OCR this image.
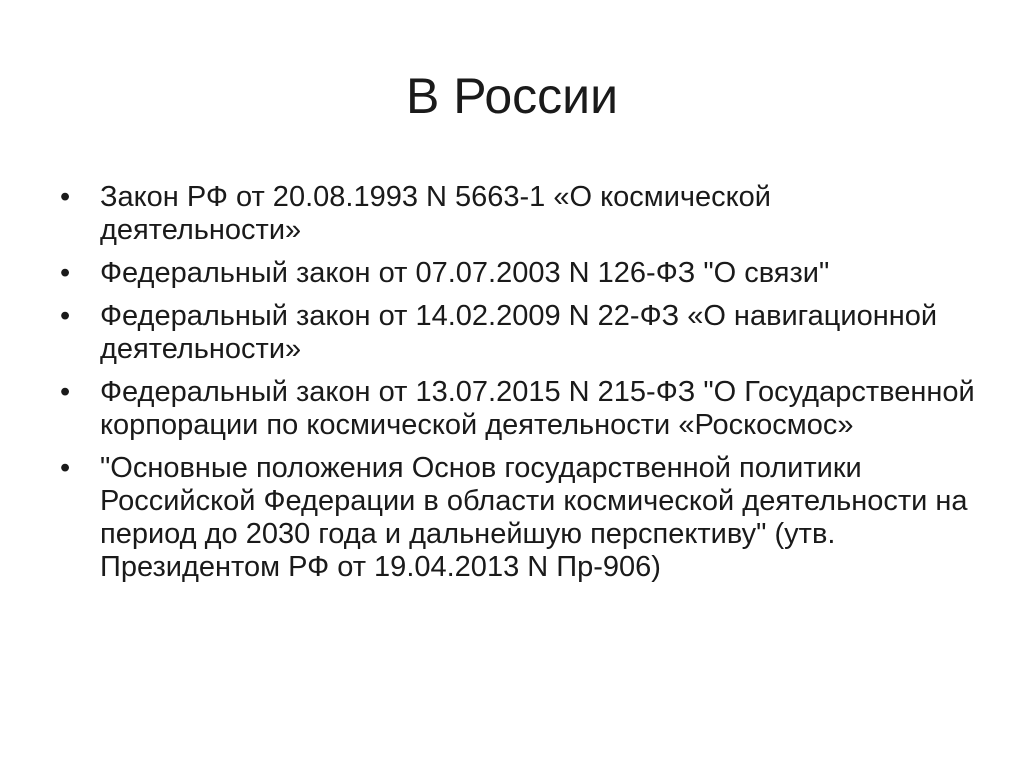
В России
• Закон РФ от 20.08.1993 N 5663-1 «О космической деятельности»
• Федеральный закон от 07.07.2003 N 126-ФЗ "О связи"
• Федеральный закон от 14.02.2009 N 22-ФЗ «О навигационной деятельности»
• Федеральный закон от 13.07.2015 N 215-ФЗ "О Государственной корпорации по космической деятельности «Роскосмос»
• "Основные положения Основ государственной политики Российской Федерации в области космической деятельности на период до 2030 года и дальнейшую перспективу" (утв. Президентом РФ от 19.04.2013 N Пр-906)
